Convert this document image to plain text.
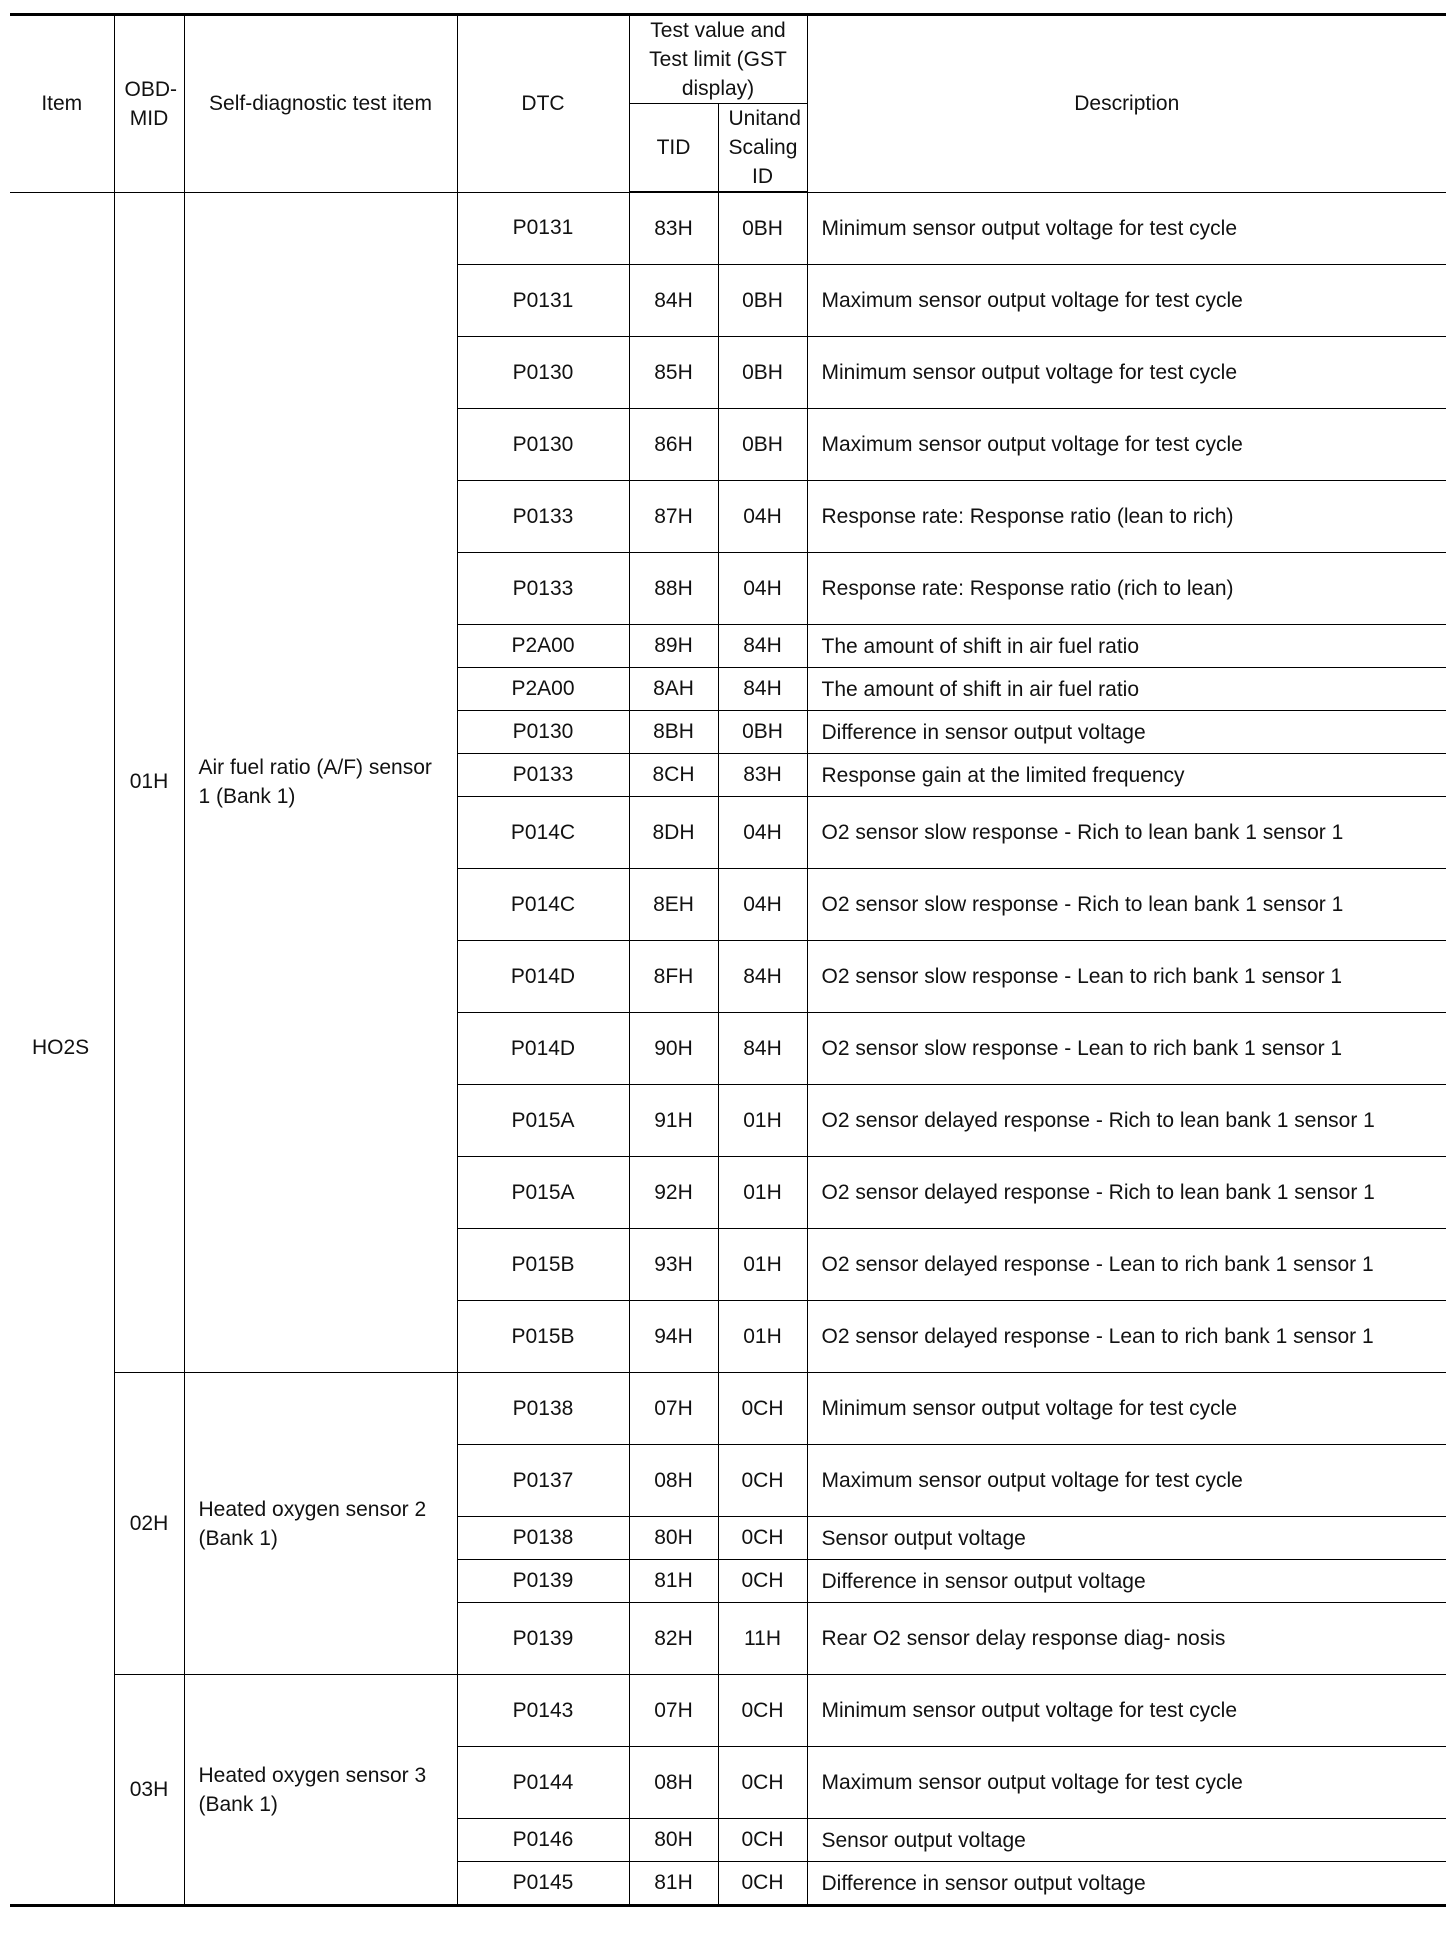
Item	OBD-MID	Self-diagnostic test item	DTC	Test value and Test limit (GST display)		Description
				TID	Unitand Scaling ID	
HO2S	01H	Air fuel ratio (A/F) sensor 1 (Bank 1)	P0131	83H	0BH	Minimum sensor output voltage for test cycle
			P0131	84H	0BH	Maximum sensor output voltage for test cycle
			P0130	85H	0BH	Minimum sensor output voltage for test cycle
			P0130	86H	0BH	Maximum sensor output voltage for test cycle
			P0133	87H	04H	Response rate: Response ratio (lean to rich)
			P0133	88H	04H	Response rate: Response ratio (rich to lean)
			P2A00	89H	84H	The amount of shift in air fuel ratio
			P2A00	8AH	84H	The amount of shift in air fuel ratio
			P0130	8BH	0BH	Difference in sensor output voltage
			P0133	8CH	83H	Response gain at the limited frequency
			P014C	8DH	04H	O2 sensor slow response - Rich to lean bank 1 sensor 1
			P014C	8EH	04H	O2 sensor slow response - Rich to lean bank 1 sensor 1
			P014D	8FH	84H	O2 sensor slow response - Lean to rich bank 1 sensor 1
			P014D	90H	84H	O2 sensor slow response - Lean to rich bank 1 sensor 1
			P015A	91H	01H	O2 sensor delayed response - Rich to lean bank 1 sensor 1
			P015A	92H	01H	O2 sensor delayed response - Rich to lean bank 1 sensor 1
			P015B	93H	01H	O2 sensor delayed response - Lean to rich bank 1 sensor 1
			P015B	94H	01H	O2 sensor delayed response - Lean to rich bank 1 sensor 1
	02H	Heated oxygen sensor 2 (Bank 1)	P0138	07H	0CH	Minimum sensor output voltage for test cycle
			P0137	08H	0CH	Maximum sensor output voltage for test cycle
			P0138	80H	0CH	Sensor output voltage
			P0139	81H	0CH	Difference in sensor output voltage
			P0139	82H	11H	Rear O2 sensor delay response diag- nosis
	03H	Heated oxygen sensor 3 (Bank 1)	P0143	07H	0CH	Minimum sensor output voltage for test cycle
			P0144	08H	0CH	Maximum sensor output voltage for test cycle
			P0146	80H	0CH	Sensor output voltage
			P0145	81H	0CH	Difference in sensor output voltage
